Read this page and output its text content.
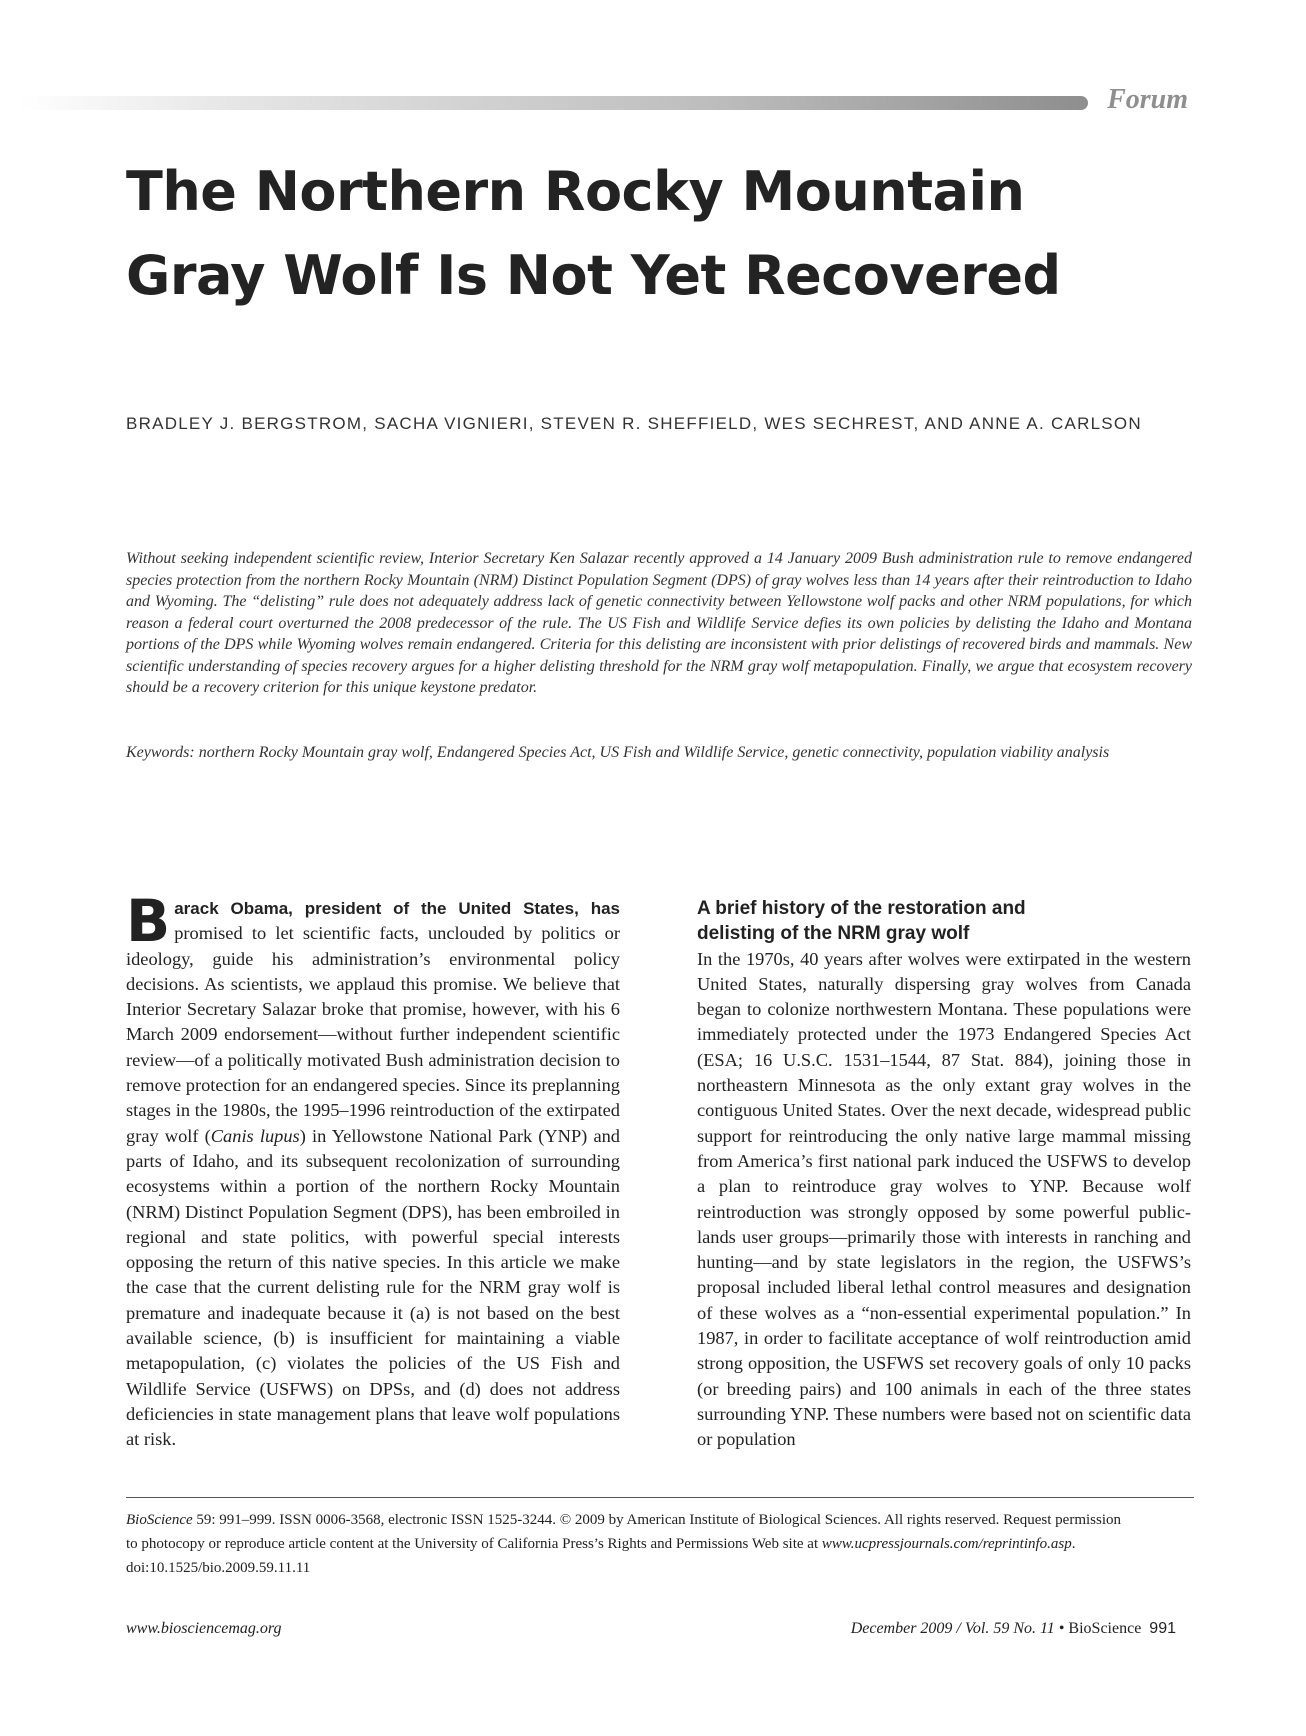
Forum
The Northern Rocky Mountain
Gray Wolf Is Not Yet Recovered
BRADLEY J. BERGSTROM, SACHA VIGNIERI, STEVEN R. SHEFFIELD, WES SECHREST, AND ANNE A. CARLSON

Without seeking independent scientific review, Interior Secretary Ken Salazar recently approved a 14 January 2009 Bush administration rule to remove endangered species protection from the northern Rocky Mountain (NRM) Distinct Population Segment (DPS) of gray wolves less than 14 years after their reintroduction to Idaho and Wyoming. The “delisting” rule does not adequately address lack of genetic connectivity between Yellowstone wolf packs and other NRM populations, for which reason a federal court overturned the 2008 predecessor of the rule. The US Fish and Wildlife Service defies its own policies by delisting the Idaho and Montana portions of the DPS while Wyoming wolves remain endangered. Criteria for this delisting are inconsistent with prior delistings of recovered birds and mammals. New scientific understanding of species recovery argues for a higher delisting threshold for the NRM gray wolf metapopulation. Finally, we argue that ecosystem recovery should be a recovery criterion for this unique keystone predator.

Keywords: northern Rocky Mountain gray wolf, Endangered Species Act, US Fish and Wildlife Service, genetic connectivity, population viability analysis

Barack Obama, president of the United States, has promised to let scientific facts, unclouded by politics or ideology, guide his administration’s environmental policy decisions. As scientists, we applaud this promise. We believe that Interior Secretary Salazar broke that promise, however, with his 6 March 2009 endorsement—without further independent scientific review—of a politically motivated Bush administration decision to remove protection for an endangered species. Since its preplanning stages in the 1980s, the 1995–1996 reintroduction of the extirpated gray wolf (Canis lupus) in Yellowstone National Park (YNP) and parts of Idaho, and its subsequent recolonization of surrounding ecosystems within a portion of the northern Rocky Mountain (NRM) Distinct Population Segment (DPS), has been embroiled in regional and state politics, with powerful special interests opposing the return of this native species. In this article we make the case that the current delisting rule for the NRM gray wolf is premature and inadequate because it (a) is not based on the best available science, (b) is insufficient for maintaining a viable metapopulation, (c) violates the policies of the US Fish and Wildlife Service (USFWS) on DPSs, and (d) does not address deficiencies in state management plans that leave wolf populations at risk.

A brief history of the restoration and
delisting of the NRM gray wolf

In the 1970s, 40 years after wolves were extirpated in the western United States, naturally dispersing gray wolves from Canada began to colonize northwestern Montana. These populations were immediately protected under the 1973 Endangered Species Act (ESA; 16 U.S.C. 1531–1544, 87 Stat. 884), joining those in northeastern Minnesota as the only extant gray wolves in the contiguous United States. Over the next decade, widespread public support for reintroducing the only native large mammal missing from America’s first national park induced the USFWS to develop a plan to reintroduce gray wolves to YNP. Because wolf reintroduction was strongly opposed by some powerful public-lands user groups—primarily those with interests in ranching and hunting—and by state legislators in the region, the USFWS’s proposal included liberal lethal control measures and designation of these wolves as a “non-essential experimental population.” In 1987, in order to facilitate acceptance of wolf reintroduction amid strong opposition, the USFWS set recovery goals of only 10 packs (or breeding pairs) and 100 animals in each of the three states surrounding YNP. These numbers were based not on scientific data or population

BioScience 59: 991–999. ISSN 0006-3568, electronic ISSN 1525-3244. © 2009 by American Institute of Biological Sciences. All rights reserved. Request permission to photocopy or reproduce article content at the University of California Press’s Rights and Permissions Web site at www.ucpressjournals.com/reprintinfo.asp. doi:10.1525/bio.2009.59.11.11

www.biosciencemag.org	December 2009 / Vol. 59 No. 11 • BioScience 991
